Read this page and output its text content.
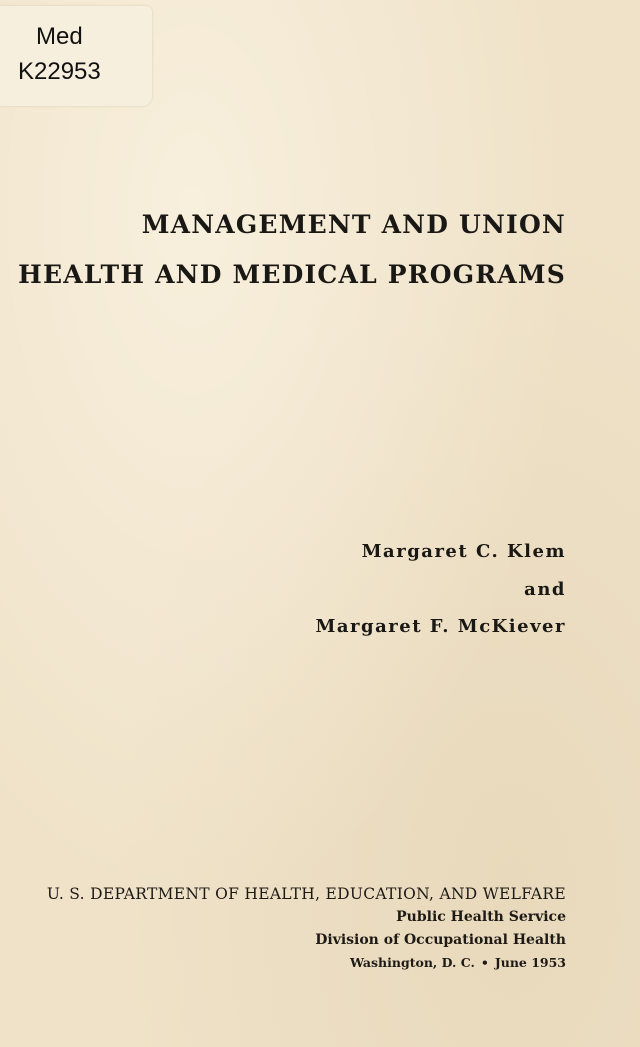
Med
K22953
MANAGEMENT AND UNION
HEALTH AND MEDICAL PROGRAMS
Margaret C. Klem
and
Margaret F. McKiever
U. S. DEPARTMENT OF HEALTH, EDUCATION, AND WELFARE
Public Health Service
Division of Occupational Health
Washington, D. C. • June 1953
